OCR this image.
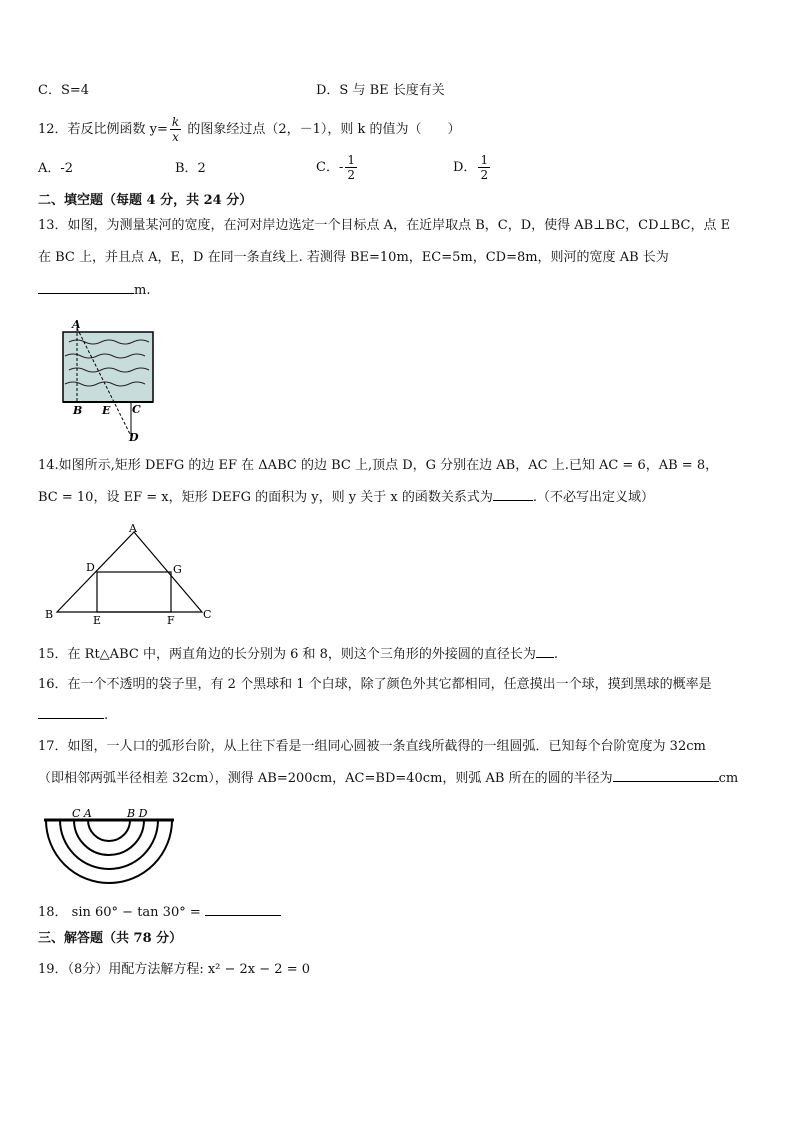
C．S=4	D．S 与 BE 长度有关
12．若反比例函数 $y= \frac{k}{x}$ 的图象经过点（2，－1），则 k 的值为（　　）
A．-2	B．2	C．- $\frac{1}{2}$	D． $\frac{1}{2}$
二、填空题（每题 4 分，共 24 分）
13．如图，为测量某河的宽度，在河对岸边选定一个目标点 A，在近岸取点 B，C，D，使得 AB⊥BC，CD⊥BC，点 E
在 BC 上，并且点 A，E，D 在同一条直线上. 若测得 BE=10m，EC=5m，CD=8m，则河的宽度 AB 长为
m.
A
B E C
D
14.如图所示,矩形 DEFG 的边 EF 在 ΔABC 的边 BC 上,顶点 D，G 分别在边 AB，AC 上.已知 AC = 6，AB = 8，
BC = 10，设 EF = x，矩形 DEFG 的面积为 y，则 y 关于 x 的函数关系式为	.（不必写出定义域）
A
B	C
D	G
E	F
15．在 Rt△ABC 中，两直角边的长分别为 6 和 8，则这个三角形的外接圆的直径长为 .
16．在一个不透明的袋子里，有 2 个黑球和 1 个白球，除了颜色外其它都相同，任意摸出一个球，摸到黑球的概率是
.
17．如图，一人口的弧形台阶，从上往下看是一组同心圆被一条直线所截得的一组圆弧．已知每个台阶宽度为 32cm
（即相邻两弧半径相差 32cm），测得 AB=200cm，AC=BD=40cm，则弧 AB 所在的圆的半径为	cm
C A	B D
18． sin 60° − tan 30° =
三、解答题（共 78 分）
19．（8分）用配方法解方程: x² − 2x − 2 = 0
